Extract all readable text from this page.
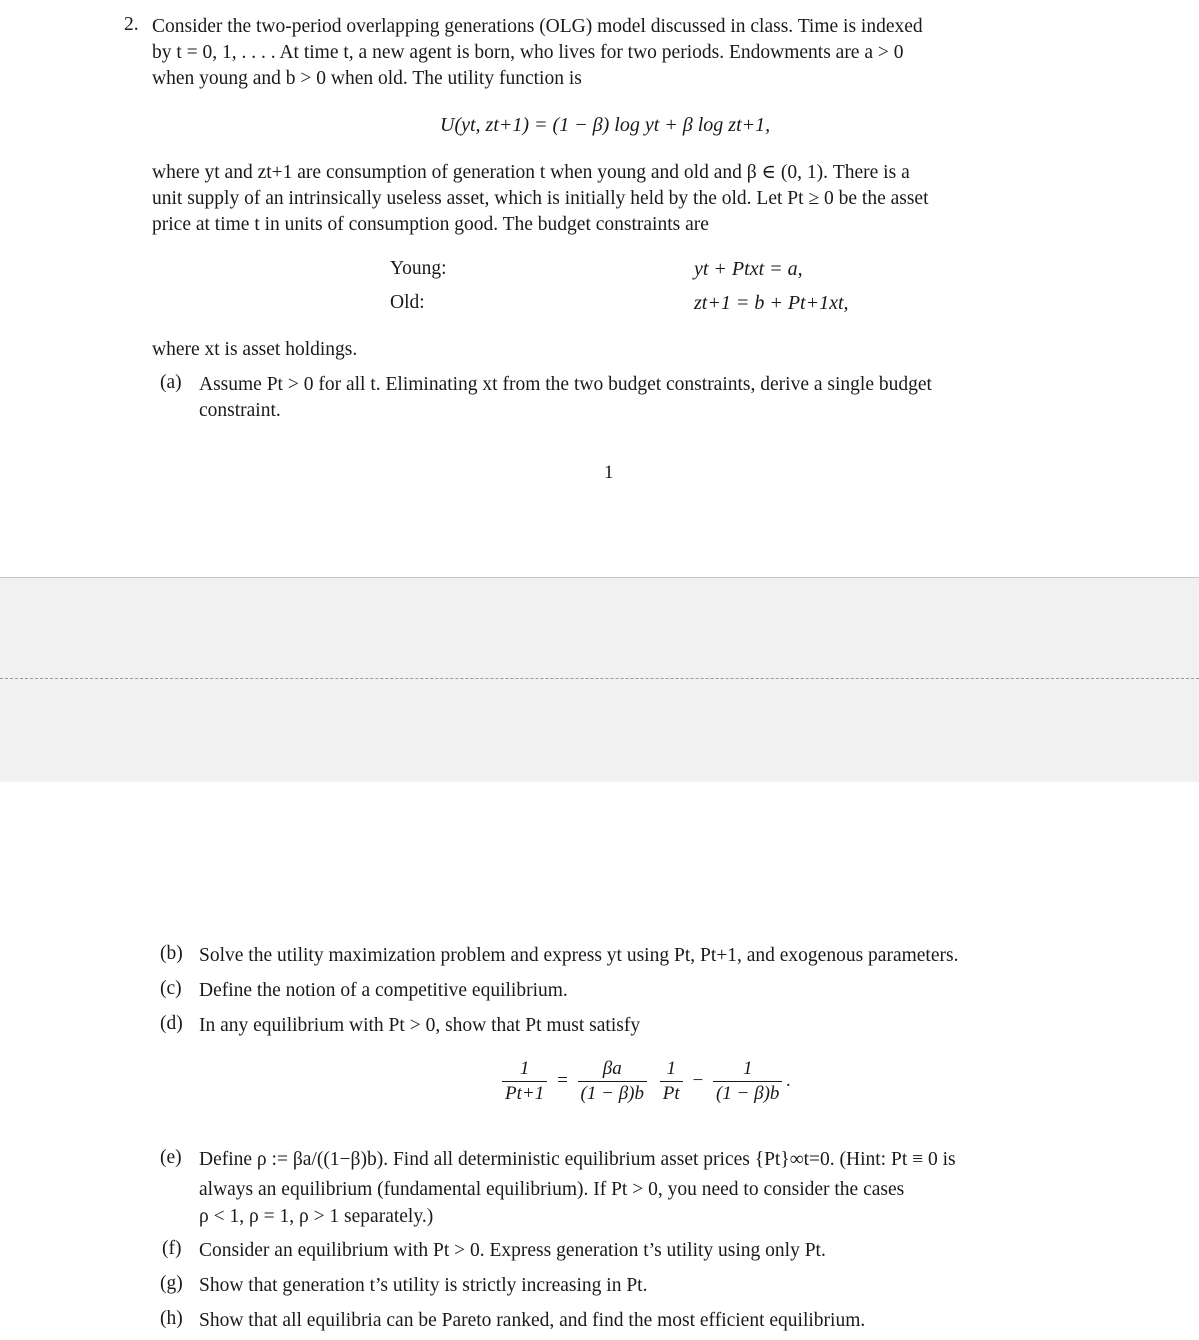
2. Consider the two-period overlapping generations (OLG) model discussed in class. Time is indexed
by t = 0, 1, . . . . At time t, a new agent is born, who lives for two periods. Endowments are a > 0
when young and b > 0 when old. The utility function is
U(yt, zt+1) = (1 − β) log yt + β log zt+1,
where yt and zt+1 are consumption of generation t when young and old and β ∈ (0, 1). There is a
unit supply of an intrinsically useless asset, which is initially held by the old. Let Pt ≥ 0 be the asset
price at time t in units of consumption good. The budget constraints are
Young:	yt + Ptxt = a,
Old:	zt+1 = b + Pt+1xt,
where xt is asset holdings.
(a) Assume Pt > 0 for all t. Eliminating xt from the two budget constraints, derive a single budget
constraint.
1
(b) Solve the utility maximization problem and express yt using Pt, Pt+1, and exogenous parameters.
(c) Define the notion of a competitive equilibrium.
(d) In any equilibrium with Pt > 0, show that Pt must satisfy
$\frac{1}{Pt+1} = \frac{\beta a}{(1 - \beta)b}$
$\frac{1}{Pt} - \frac{1}{(1 - \beta)b}$ .
(e) Define ρ := βa/((1−β)b). Find all deterministic equilibrium asset prices {Pt}∞t=0. (Hint: Pt ≡ 0 is
always an equilibrium (fundamental equilibrium). If Pt > 0, you need to consider the cases
ρ < 1, ρ = 1, ρ > 1 separately.)
(f) Consider an equilibrium with Pt > 0. Express generation t’s utility using only Pt.
(g) Show that generation t’s utility is strictly increasing in Pt.
(h) Show that all equilibria can be Pareto ranked, and find the most efficient equilibrium.
